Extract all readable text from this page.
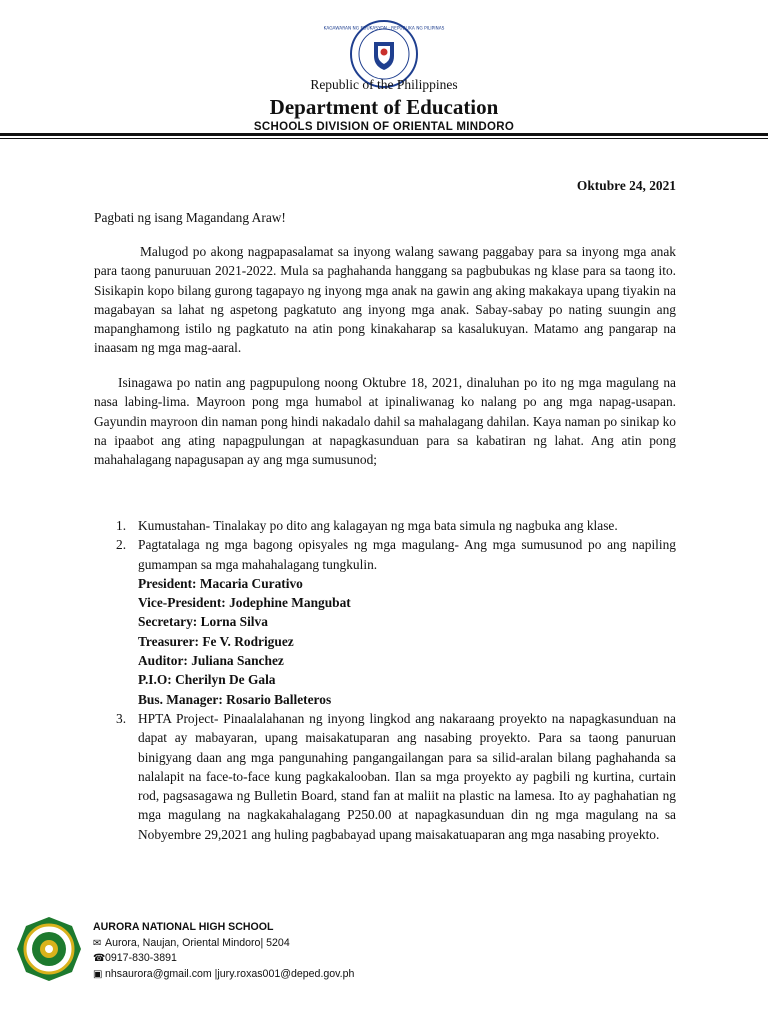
KAGAWARAN NG EDUKASYON · REPUBLIKA NG PILIPINAS
Republic of the Philippines
Department of Education
SCHOOLS DIVISION OF ORIENTAL MINDORO
Oktubre 24, 2021
Pagbati ng isang Magandang Araw!
Malugod po akong nagpapasalamat sa inyong walang sawang paggabay para sa inyong mga anak para taong panuruuan 2021-2022. Mula sa paghahanda hanggang sa pagbubukas ng klase para sa taong ito. Sisikapin kopo bilang gurong tagapayo ng inyong mga anak na gawin ang aking makakaya upang tiyakin na magabayan sa lahat ng aspetong pagkatuto ang inyong mga anak. Sabay-sabay po nating suungin ang mapanghamong istilo ng pagkatuto na atin pong kinakaharap sa kasalukuyan. Matamo ang pangarap na inaasam ng mga mag-aaral.
Isinagawa po natin ang pagpupulong noong Oktubre 18, 2021, dinaluhan po ito ng mga magulang na nasa labing-lima. Mayroon pong mga humabol at ipinaliwanag ko nalang po ang mga napag-usapan. Gayundin mayroon din naman pong hindi nakadalo dahil sa mahalagang dahilan. Kaya naman po sinikap ko na ipaabot ang ating napagpulungan at napagkasunduan para sa kabatiran ng lahat. Ang atin pong mahahalagang napagusapan ay ang mga sumusunod;
1. Kumustahan- Tinalakay po dito ang kalagayan ng mga bata simula ng nagbuka ang klase.
2. Pagtatalaga ng mga bagong opisyales ng mga magulang- Ang mga sumusunod po ang napiling gumampan sa mga mahahalagang tungkulin.
President: Macaria Curativo
Vice-President: Jodephine Mangubat
Secretary: Lorna Silva
Treasurer: Fe V. Rodriguez
Auditor: Juliana Sanchez
P.I.O: Cherilyn De Gala
Bus. Manager: Rosario Balleteros
3. HPTA Project- Pinaalalahanan ng inyong lingkod ang nakaraang proyekto na napagkasunduan na dapat ay mabayaran, upang maisakatuparan ang nasabing proyekto. Para sa taong panuruan binigyang daan ang mga pangunahing pangangailangan para sa silid-aralan bilang paghahanda sa nalalapit na face-to-face kung pagkakalooban. Ilan sa mga proyekto ay pagbili ng kurtina, curtain rod, pagsasagawa ng Bulletin Board, stand fan at maliit na plastic na lamesa. Ito ay paghahatian ng mga magulang na nagkakahalagang P250.00 at napagkasunduan din ng mga magulang na sa Nobyembre 29,2021 ang huling pagbabayad upang maisakatuaparan ang mga nasabing proyekto.
AURORA NATIONAL HIGH SCHOOL
✉ Aurora, Naujan, Oriental Mindoro| 5204
☎0917-830-3891
▣ nhsaurora@gmail.com |jury.roxas001@deped.gov.ph
